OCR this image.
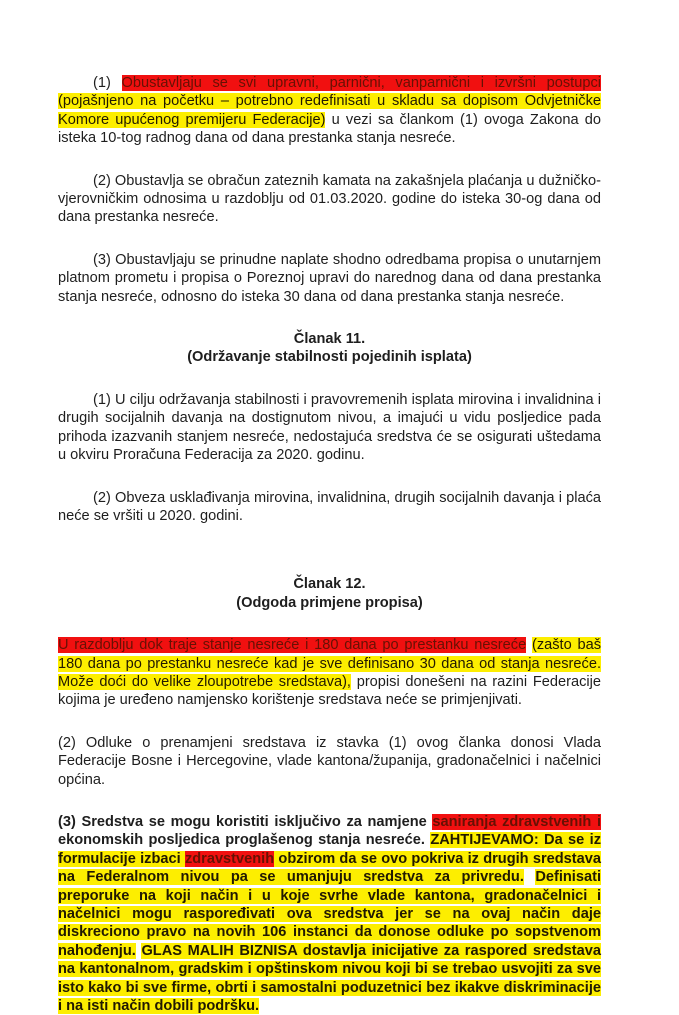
(1) Obustavljaju se svi upravni, parnični, vanparnični i izvršni postupci (pojašnjeno na početku – potrebno redefinisati u skladu sa dopisom Odvjetničke Komore upućenog premijeru Federacije) u vezi sa člankom (1) ovoga Zakona do isteka 10-tog radnog dana od dana prestanka stanja nesreće.

(2) Obustavlja se obračun zateznih kamata na zakašnjela plaćanja u dužničko-vjerovničkim odnosima u razdoblju od 01.03.2020. godine do isteka 30-og dana od dana prestanka nesreće.

(3) Obustavljaju se prinudne naplate shodno odredbama propisa o unutarnjem platnom prometu i propisa o Poreznoj upravi do narednog dana od dana prestanka stanja nesreće, odnosno do isteka 30 dana od dana prestanka stanja nesreće.

Članak 11.
(Održavanje stabilnosti pojedinih isplata)

(1) U cilju održavanja stabilnosti i pravovremenih isplata mirovina i invalidnina i drugih socijalnih davanja na dostignutom nivou, a imajući u vidu posljedice pada prihoda izazvanih stanjem nesreće, nedostajuća sredstva će se osigurati uštedama u okviru Proračuna Federacija za 2020. godinu.

(2) Obveza usklađivanja mirovina, invalidnina, drugih socijalnih davanja i plaća neće se vršiti u 2020. godini.

Članak 12.
(Odgoda primjene propisa)

U razdoblju dok traje stanje nesreće i 180 dana po prestanku nesreće (zašto baš 180 dana po prestanku nesreće kad je sve definisano 30 dana od stanja nesreće. Može doći do velike zloupotrebe sredstava), propisi donešeni na razini Federacije kojima je uređeno namjensko korištenje sredstava neće se primjenjivati.

(2) Odluke o prenamjeni sredstava iz stavka (1) ovog članka donosi Vlada Federacije Bosne i Hercegovine, vlade kantona/županija, gradonačelnici i načelnici općina.

(3) Sredstva se mogu koristiti isključivo za namjene saniranja zdravstvenih i ekonomskih posljedica proglašenog stanja nesreće. ZAHTIJEVAMO: Da se iz formulacije izbaci zdravstvenih obzirom da se ovo pokriva iz drugih sredstava na Federalnom nivou pa se umanjuju sredstva za privredu. Definisati preporuke na koji način i u koje svrhe vlade kantona, gradonačelnici i načelnici mogu raspoređivati ova sredstva jer se na ovaj način daje diskreciono pravo na novih 106 instanci da donose odluke po sopstvenom nahođenju. GLAS MALIH BIZNISA dostavlja inicijative za raspored sredstava na kantonalnom, gradskim i opštinskom nivou koji bi se trebao usvojiti za sve isto kako bi sve firme, obrti i samostalni poduzetnici bez ikakve diskriminacije i na isti način dobili podršku.
